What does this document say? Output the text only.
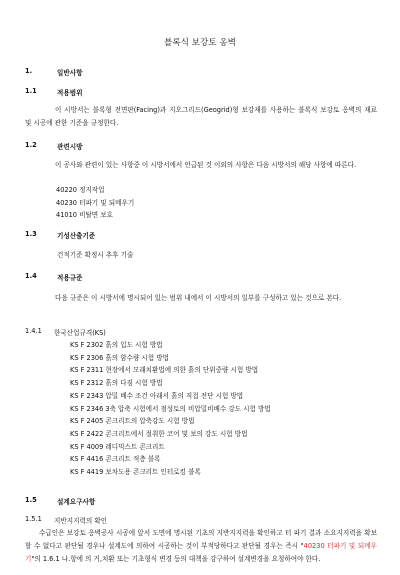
블록식 보강토 옹벽
1.	일반사항
1.1	적용범위
이 시방서는 블록형 전면판(Facing)과 지오그리드(Geogrid)형 보강재를 사용하는 블록식 보강토 옹벽의 재료 및 시공에 관한 기준을 규정한다.
1.2	관련시방
이 공사와 관련이 있는 사항중 이 시방서에서 언급된 것 이외의 사항은 다음 시방서의 해당 사항에 따른다.
40220 정지작업
40230 터파기 및 되메우기
41010 비탈면 보호
1.3	기성산출기준
건적기준 확정시 추후 기술
1.4	적용규준
다음 규준은 이 시방서에 명시되어 있는 범위 내에서 이 시방서의 일부를 구성하고 있는 것으로 본다.
1.4.1 한국산업규격(KS)
KS F 2302 흙의 입도 시험 방법
KS F 2306 흙의 함수량 시험 방법
KS F 2311 현장에서 모래치환법에 의한 흙의 단위중량 시험 방법
KS F 2312 흙의 다짐 시험 방법
KS F 2343 압밀 배수 조건 아래서 흙의 직접 전단 시험 방법
KS F 2346 3축 압축 시험에서 점성토의 비압밀비배수 강도 시험 방법
KS F 2405 콘크리트의 압축강도 시험 방법
KS F 2422 콘크리트에서 절취한 코어 및 보의 강도 시험 방법
KS F 4009 레디믹스트 콘크리트
KS F 4416 콘크리트 적층 블록
KS F 4419 보차도용 콘크리트 인터로킹 블록
1.5	설계요구사항
1.5.1 지반지지력의 확인
수급인은 보강토 옹벽공사 시공에 앞서 도면에 명시된 기초의 지반지지력을 확인하고 터 파기 결과 소요지지력을 확보할 수 없다고 판단될 경우나 설계도에 의하여 시공하는 것이 부적당하다고 판단될 경우는 즉시 "40230 터파기 및 되메우기"의 1.6.1 나.항에 의 거,치환 또는 기초형식 변경 등의 대책을 강구하여 설계변경을 요청하여야 한다.
